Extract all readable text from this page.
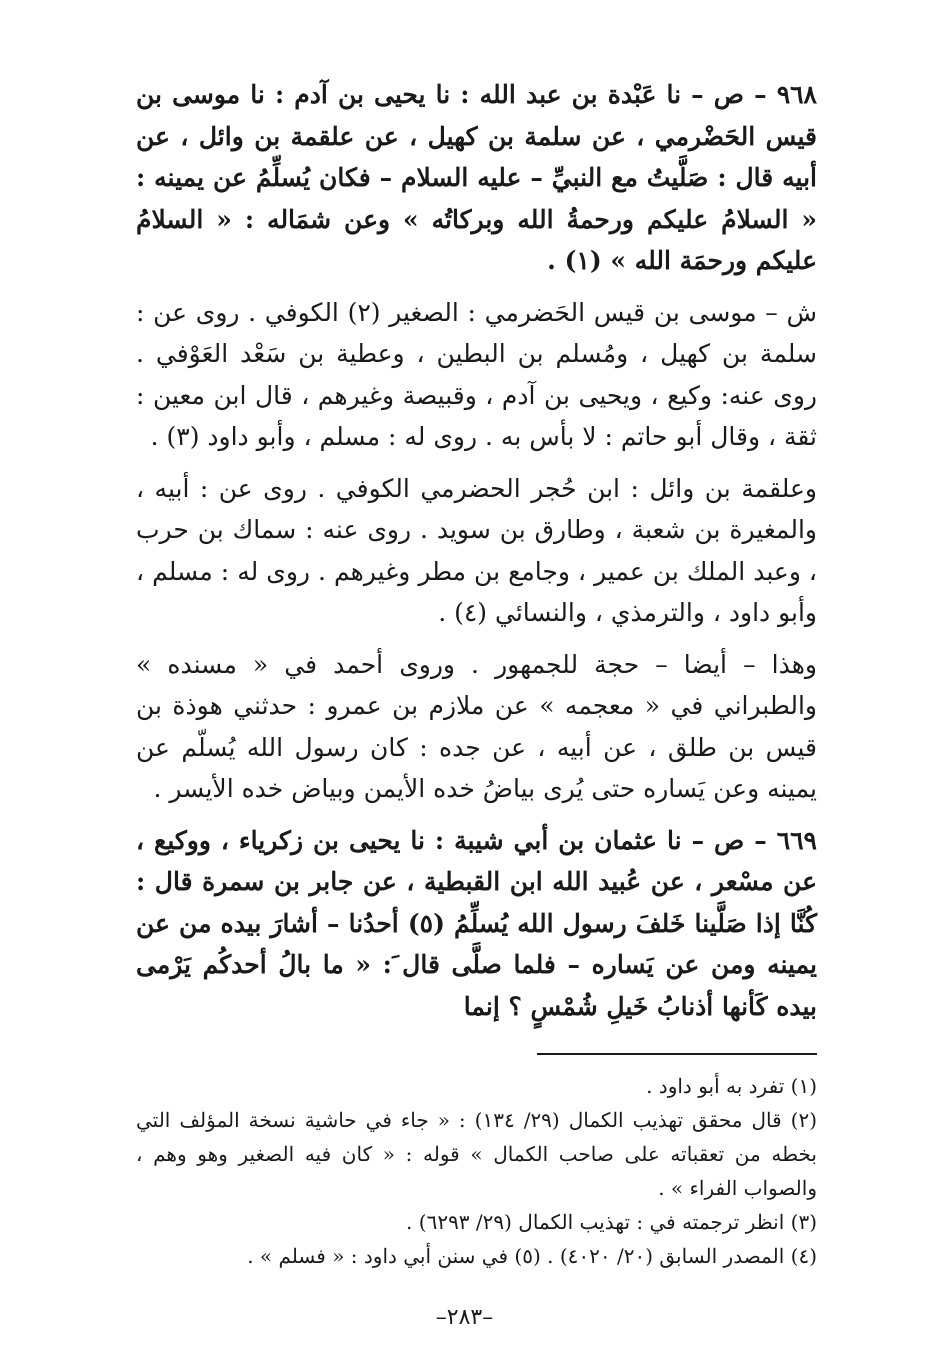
٩٦٨ – ص – نا عَبْدة بن عبد الله : نا يحيى بن آدم : نا موسى بن قيس الحَضْرمي ، عن سلمة بن كهيل ، عن علقمة بن وائل ، عن أبيه قال : صَلَّيتُ مع النبيِّ – عليه السلام – فكان يُسلِّمُ عن يمينه : « السلامُ عليكم ورحمةُ الله وبركاتُه » وعن شمَاله : « السلامُ عليكم ورحمَة الله » (١) .

ش – موسى بن قيس الحَضرمي : الصغير (٢) الكوفي . روى عن : سلمة بن كهيل ، ومُسلم بن البطين ، وعطية بن سَعْد العَوْفي . روى عنه: وكيع ، ويحيى بن آدم ، وقبيصة وغيرهم ، قال ابن معين : ثقة ، وقال أبو حاتم : لا بأس به . روى له : مسلم ، وأبو داود (٣) .

وعلقمة بن وائل : ابن حُجر الحضرمي الكوفي . روى عن : أبيه ، والمغيرة بن شعبة ، وطارق بن سويد . روى عنه : سماك بن حرب ، وعبد الملك بن عمير ، وجامع بن مطر وغيرهم . روى له : مسلم ، وأبو داود ، والترمذي ، والنسائي (٤) .

وهذا – أيضا – حجة للجمهور . وروى أحمد في « مسنده » والطبراني في « معجمه » عن ملازم بن عمرو : حدثني هوذة بن قيس بن طلق ، عن أبيه ، عن جده : كان رسول الله يُسلّم عن يمينه وعن يَساره حتى يُرى بياضُ خده الأيمن وبياض خده الأيسر .

٦٦٩ – ص – نا عثمان بن أبي شيبة : نا يحيى بن زكرياء ، ووكيع ، عن مسْعر ، عن عُبيد الله ابن القبطية ، عن جابر بن سمرة قال : كُنَّا إذا صَلَّينا خَلفَ رسول الله يُسلِّمُ (٥) أحدُنا – أشارَ بيده من عن يمينه ومن عن يَساره – فلما صلَّى قال َ: « ما بالُ أحدكُم يَرْمى بيده كَأنها أذنابُ خَيلِ شُمْسٍ ؟ إنما

(١) تفرد به أبو داود .

(٢) قال محقق تهذيب الكمال (٢٩/ ١٣٤) : « جاء في حاشية نسخة المؤلف التي بخطه من تعقباته على صاحب الكمال » قوله : « كان فيه الصغير وهو وهم ، والصواب الفراء » .

(٣) انظر ترجمته في : تهذيب الكمال (٢٩/ ٦٢٩٣) .

(٤) المصدر السابق (٢٠/ ٤٠٢٠) . (٥) في سنن أبي داود : « فسلم » .
–٢٨٣–
